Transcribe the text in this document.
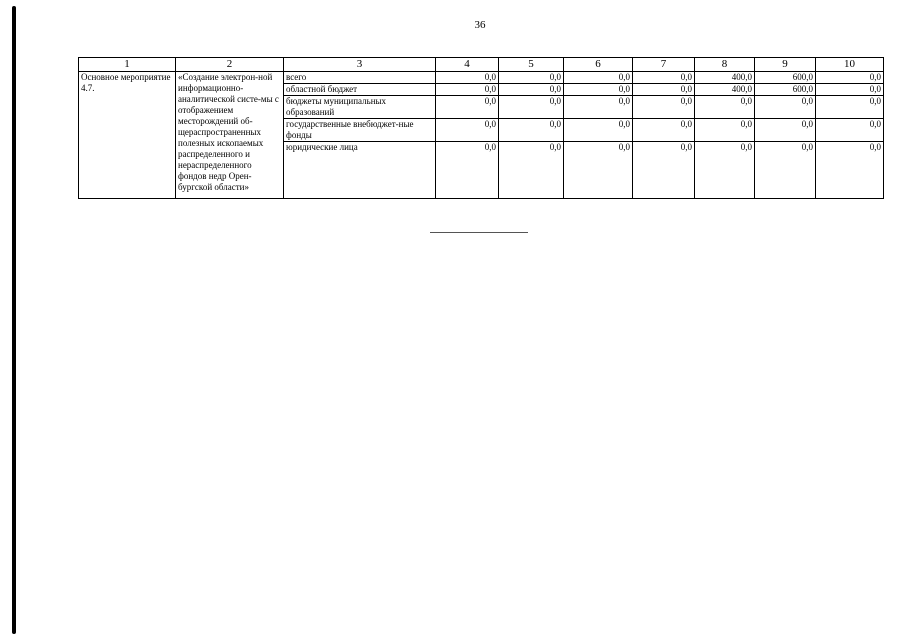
36
1	2	3	4	5	6	7	8	9	10
Основное мероприятие 4.7.	«Создание электрон-ной информационно-аналитической систе-мы с отображением месторождений об-щераспространенных полезных ископаемых распределенного и нераспределенного фондов недр Орен-бургской области»	всего	0,0	0,0	0,0	0,0	400,0	600,0	0,0
		областной бюджет	0,0	0,0	0,0	0,0	400,0	600,0	0,0
		бюджеты муниципальных образований	0,0	0,0	0,0	0,0	0,0	0,0	0,0
		государственные внебюджет-ные фонды	0,0	0,0	0,0	0,0	0,0	0,0	0,0
		юридические лица	0,0	0,0	0,0	0,0	0,0	0,0	0,0
